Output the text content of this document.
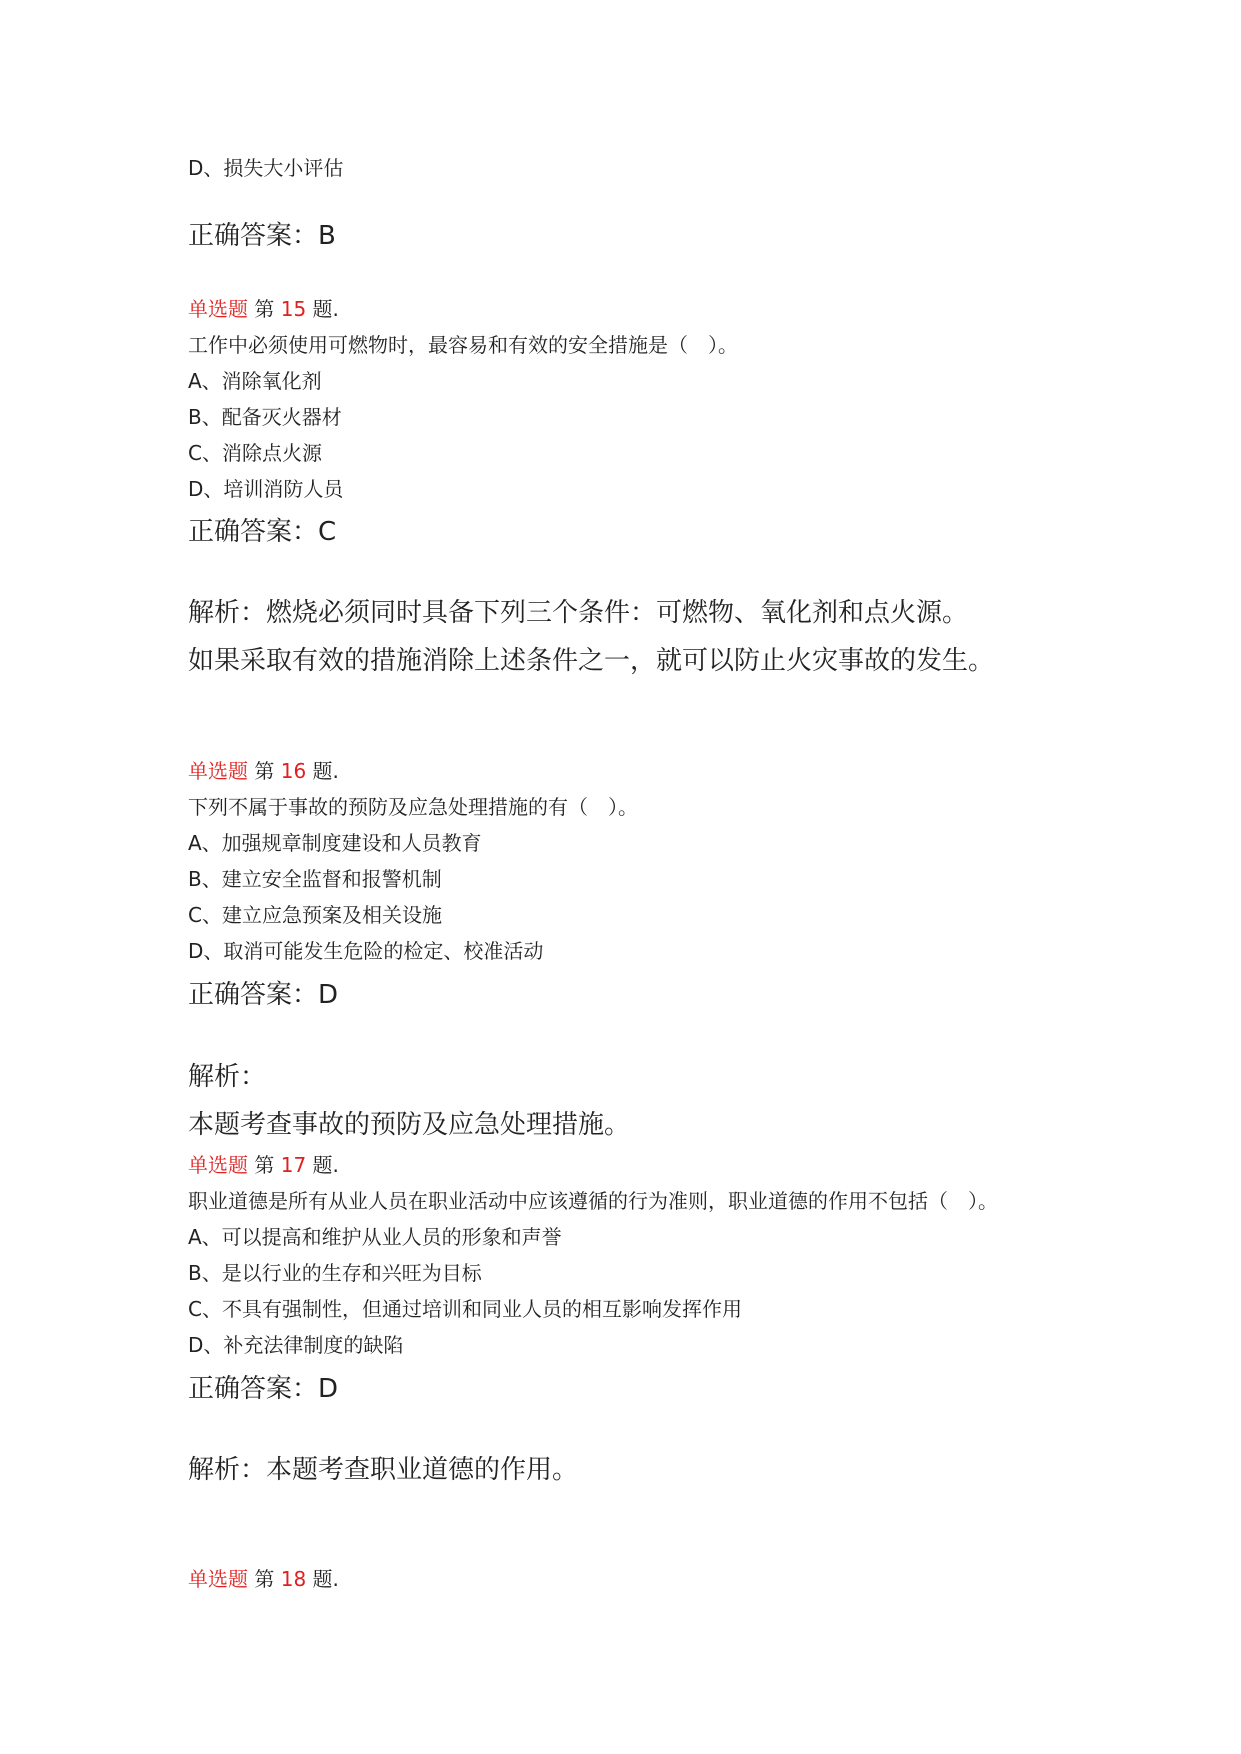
D、损失大小评估
正确答案：B
单选题 第 15 题.
工作中必须使用可燃物时，最容易和有效的安全措施是（　）。
A、消除氧化剂
B、配备灭火器材
C、消除点火源
D、培训消防人员
正确答案：C
解析：燃烧必须同时具备下列三个条件：可燃物、氧化剂和点火源。
如果采取有效的措施消除上述条件之一，就可以防止火灾事故的发生。
单选题 第 16 题.
下列不属于事故的预防及应急处理措施的有（　）。
A、加强规章制度建设和人员教育
B、建立安全监督和报警机制
C、建立应急预案及相关设施
D、取消可能发生危险的检定、校准活动
正确答案：D
解析：
本题考查事故的预防及应急处理措施。
单选题 第 17 题.
职业道德是所有从业人员在职业活动中应该遵循的行为准则，职业道德的作用不包括（　）。
A、可以提高和维护从业人员的形象和声誉
B、是以行业的生存和兴旺为目标
C、不具有强制性，但通过培训和同业人员的相互影响发挥作用
D、补充法律制度的缺陷
正确答案：D
解析：本题考查职业道德的作用。
单选题 第 18 题.
